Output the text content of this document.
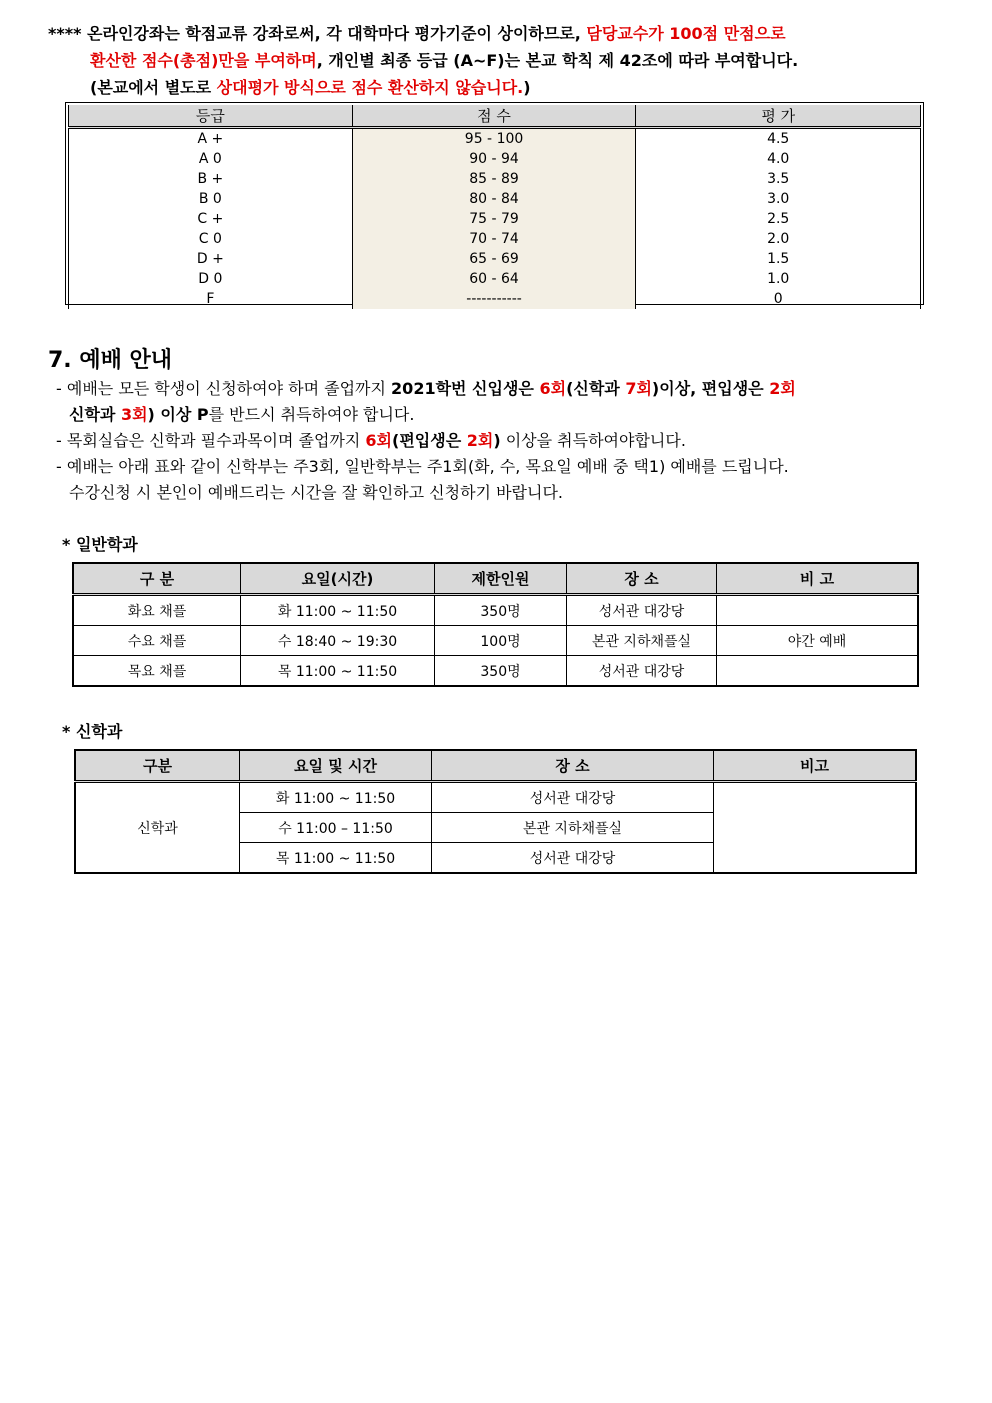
**** 온라인강좌는 학점교류 강좌로써, 각 대학마다 평가기준이 상이하므로, 담당교수가 100점 만점으로
환산한 점수(총점)만을 부여하며, 개인별 최종 등급 (A~F)는 본교 학칙 제 42조에 따라 부여합니다.
(본교에서 별도로 상대평가 방식으로 점수 환산하지 않습니다.)
등급	점 수	평 가
A +	95 - 100	4.5
A 0	90 - 94	4.0
B +	85 - 89	3.5
B 0	80 - 84	3.0
C +	75 - 79	2.5
C 0	70 - 74	2.0
D +	65 - 69	1.5
D 0	60 - 64	1.0
F	-----------	0
7. 예배 안내
- 예배는 모든 학생이 신청하여야 하며 졸업까지 2021학번 신입생은 6회(신학과 7회)이상, 편입생은 2회
신학과 3회) 이상 P를 반드시 취득하여야 합니다.
- 목회실습은 신학과 필수과목이며 졸업까지 6회(편입생은 2회) 이상을 취득하여야합니다.
- 예배는 아래 표와 같이 신학부는 주3회, 일반학부는 주1회(화, 수, 목요일 예배 중 택1) 예배를 드립니다.
수강신청 시 본인이 예배드리는 시간을 잘 확인하고 신청하기 바랍니다.
* 일반학과
구 분	요일(시간)	제한인원	장 소	비 고
화요 채플	화 11:00 ~ 11:50	350명	성서관 대강당	
수요 채플	수 18:40 ~ 19:30	100명	본관 지하채플실	야간 예배
목요 채플	목 11:00 ~ 11:50	350명	성서관 대강당	
* 신학과
구분	요일 및 시간	장 소	비고
신학과	화 11:00 ~ 11:50	성서관 대강당	
	수 11:00 – 11:50	본관 지하채플실	
	목 11:00 ~ 11:50	성서관 대강당	
